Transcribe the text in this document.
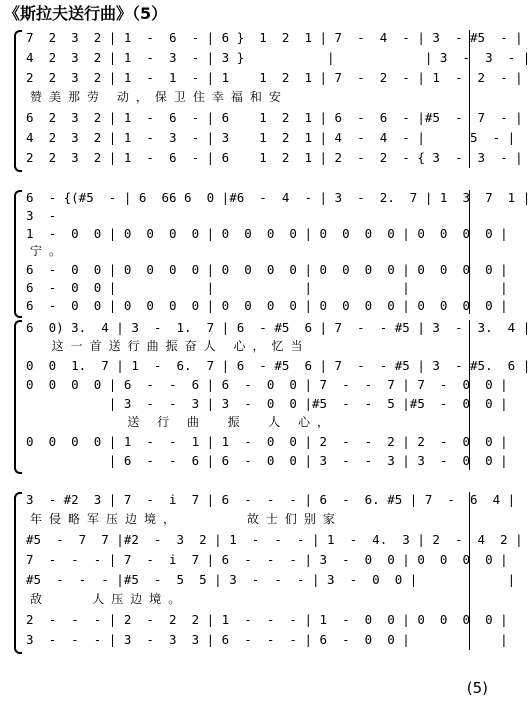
《斯拉夫送行曲》（5）
7  2  3  2 | 1  -  6  - | 6 }  1  2  1 | 7  -  4  - | 3  - #5  - |
4  2  3  2 | 1  -  3  - | 3 }           |            | 3  -  3  - |
2  2  3  2 | 1  -  1  - | 1    1  2  1 | 7  -  2  - | 1  -  2  - |
赞美那劳 动，保卫住幸福和安
6  2  3  2 | 1  -  6  - | 6    1  2  1 | 6  -  6  - |#5  -  7  - |
4  2  3  2 | 1  -  3  - | 3    1  2  1 | 4  -  4  - |      5  - |
2  2  3  2 | 1  -  6  - | 6    1  2  1 | 2  -  2  - { 3  -  3  - |
6  - {(#5  - | 6  66 6  0 |#6  -  4  - | 3  -  2.  7 | 1  3  7  1 |
3  -
1  -  0  0 | 0  0  0  0 | 0  0  0  0 | 0  0  0  0 | 0  0  0  0 |
宁。
6  -  0  0 | 0  0  0  0 | 0  0  0  0 | 0  0  0  0 | 0  0  0  0 |
6  -  0  0 |            |            |            |            |
6  -  0  0 | 0  0  0  0 | 0  0  0  0 | 0  0  0  0 | 0  0  0  0 |
6  0) 3.  4 | 3  -  1.  7 | 6  - #5  6 | 7  -  - #5 | 3  -  3.  4 |
这一首送行曲振奋人 心，忆当
0  0  1.  7 | 1  -  6.  7 | 6  - #5  6 | 7  -  - #5 | 3  - #5.  6 |
0  0  0  0 | 6  -  -  6 | 6  -  0  0 | 7  -  -  7 | 7  -  0  0 |
| 3  -  -  3 | 3  -  0  0 |#5  -  -  5 |#5  -  0  0 |
送 行 曲  振  人 心，
0  0  0  0 | 1  -  -  1 | 1  -  0  0 | 2  -  -  2 | 2  -  0  0 |
| 6  -  -  6 | 6  -  0  0 | 3  -  -  3 | 3  -  0  0 |
3  - #2  3 | 7  -  i  7 | 6  -  -  - | 6  -  6. #5 | 7  -  6  4 |
年侵略军压边境，      故士们别家
#5  -  7  7 |#2  -  3  2 | 1  -  -  - | 1  -  4.  3 | 2  -  4  2 |
7  -  -  - | 7  -  i  7 | 6  -  -  - | 3  -  0  0 | 0  0  0  0 |
#5  -  -  - |#5  -  5  5 | 3  -  -  - | 3  -  0  0 |            |
敌    人压边境。
2  -  -  - | 2  -  2  2 | 1  -  -  - | 1  -  0  0 | 0  0  0  0 |
3  -  -  - | 3  -  3  3 | 6  -  -  - | 6  -  0  0 |            |
(5)
